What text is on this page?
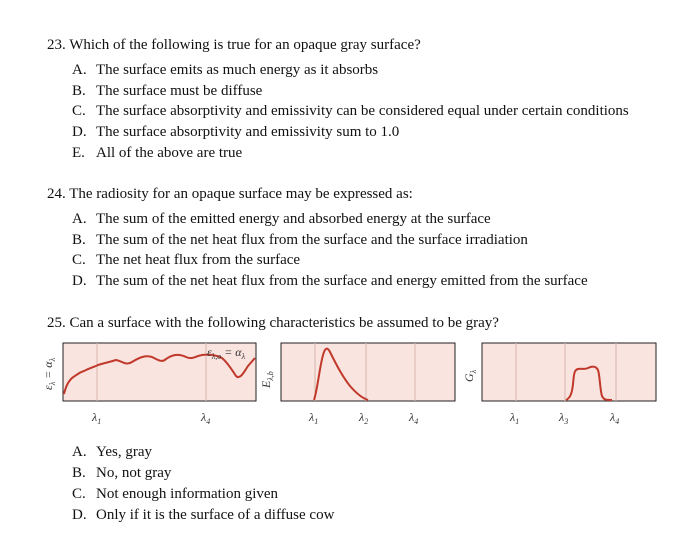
23. Which of the following is true for an opaque gray surface?
A. The surface emits as much energy as it absorbs
B. The surface must be diffuse
C. The surface absorptivity and emissivity can be considered equal under certain conditions
D. The surface absorptivity and emissivity sum to 1.0
E. All of the above are true
24. The radiosity for an opaque surface may be expressed as:
A. The sum of the emitted energy and absorbed energy at the surface
B. The sum of the net heat flux from the surface and the surface irradiation
C. The net heat flux from the surface
D. The sum of the net heat flux from the surface and energy emitted from the surface
25. Can a surface with the following characteristics be assumed to be gray?
$\varepsilon_{\lambda,o} = \alpha_\lambda$
$\varepsilon_\lambda = \alpha_\lambda$
$\lambda_1$	$\lambda_4$
$E_{\lambda,b}$
$\lambda_1$	$\lambda_2$	$\lambda_4$
$G_\lambda$
$\lambda_1$	$\lambda_3$	$\lambda_4$
A. Yes, gray
B. No, not gray
C. Not enough information given
D. Only if it is the surface of a diffuse cow
